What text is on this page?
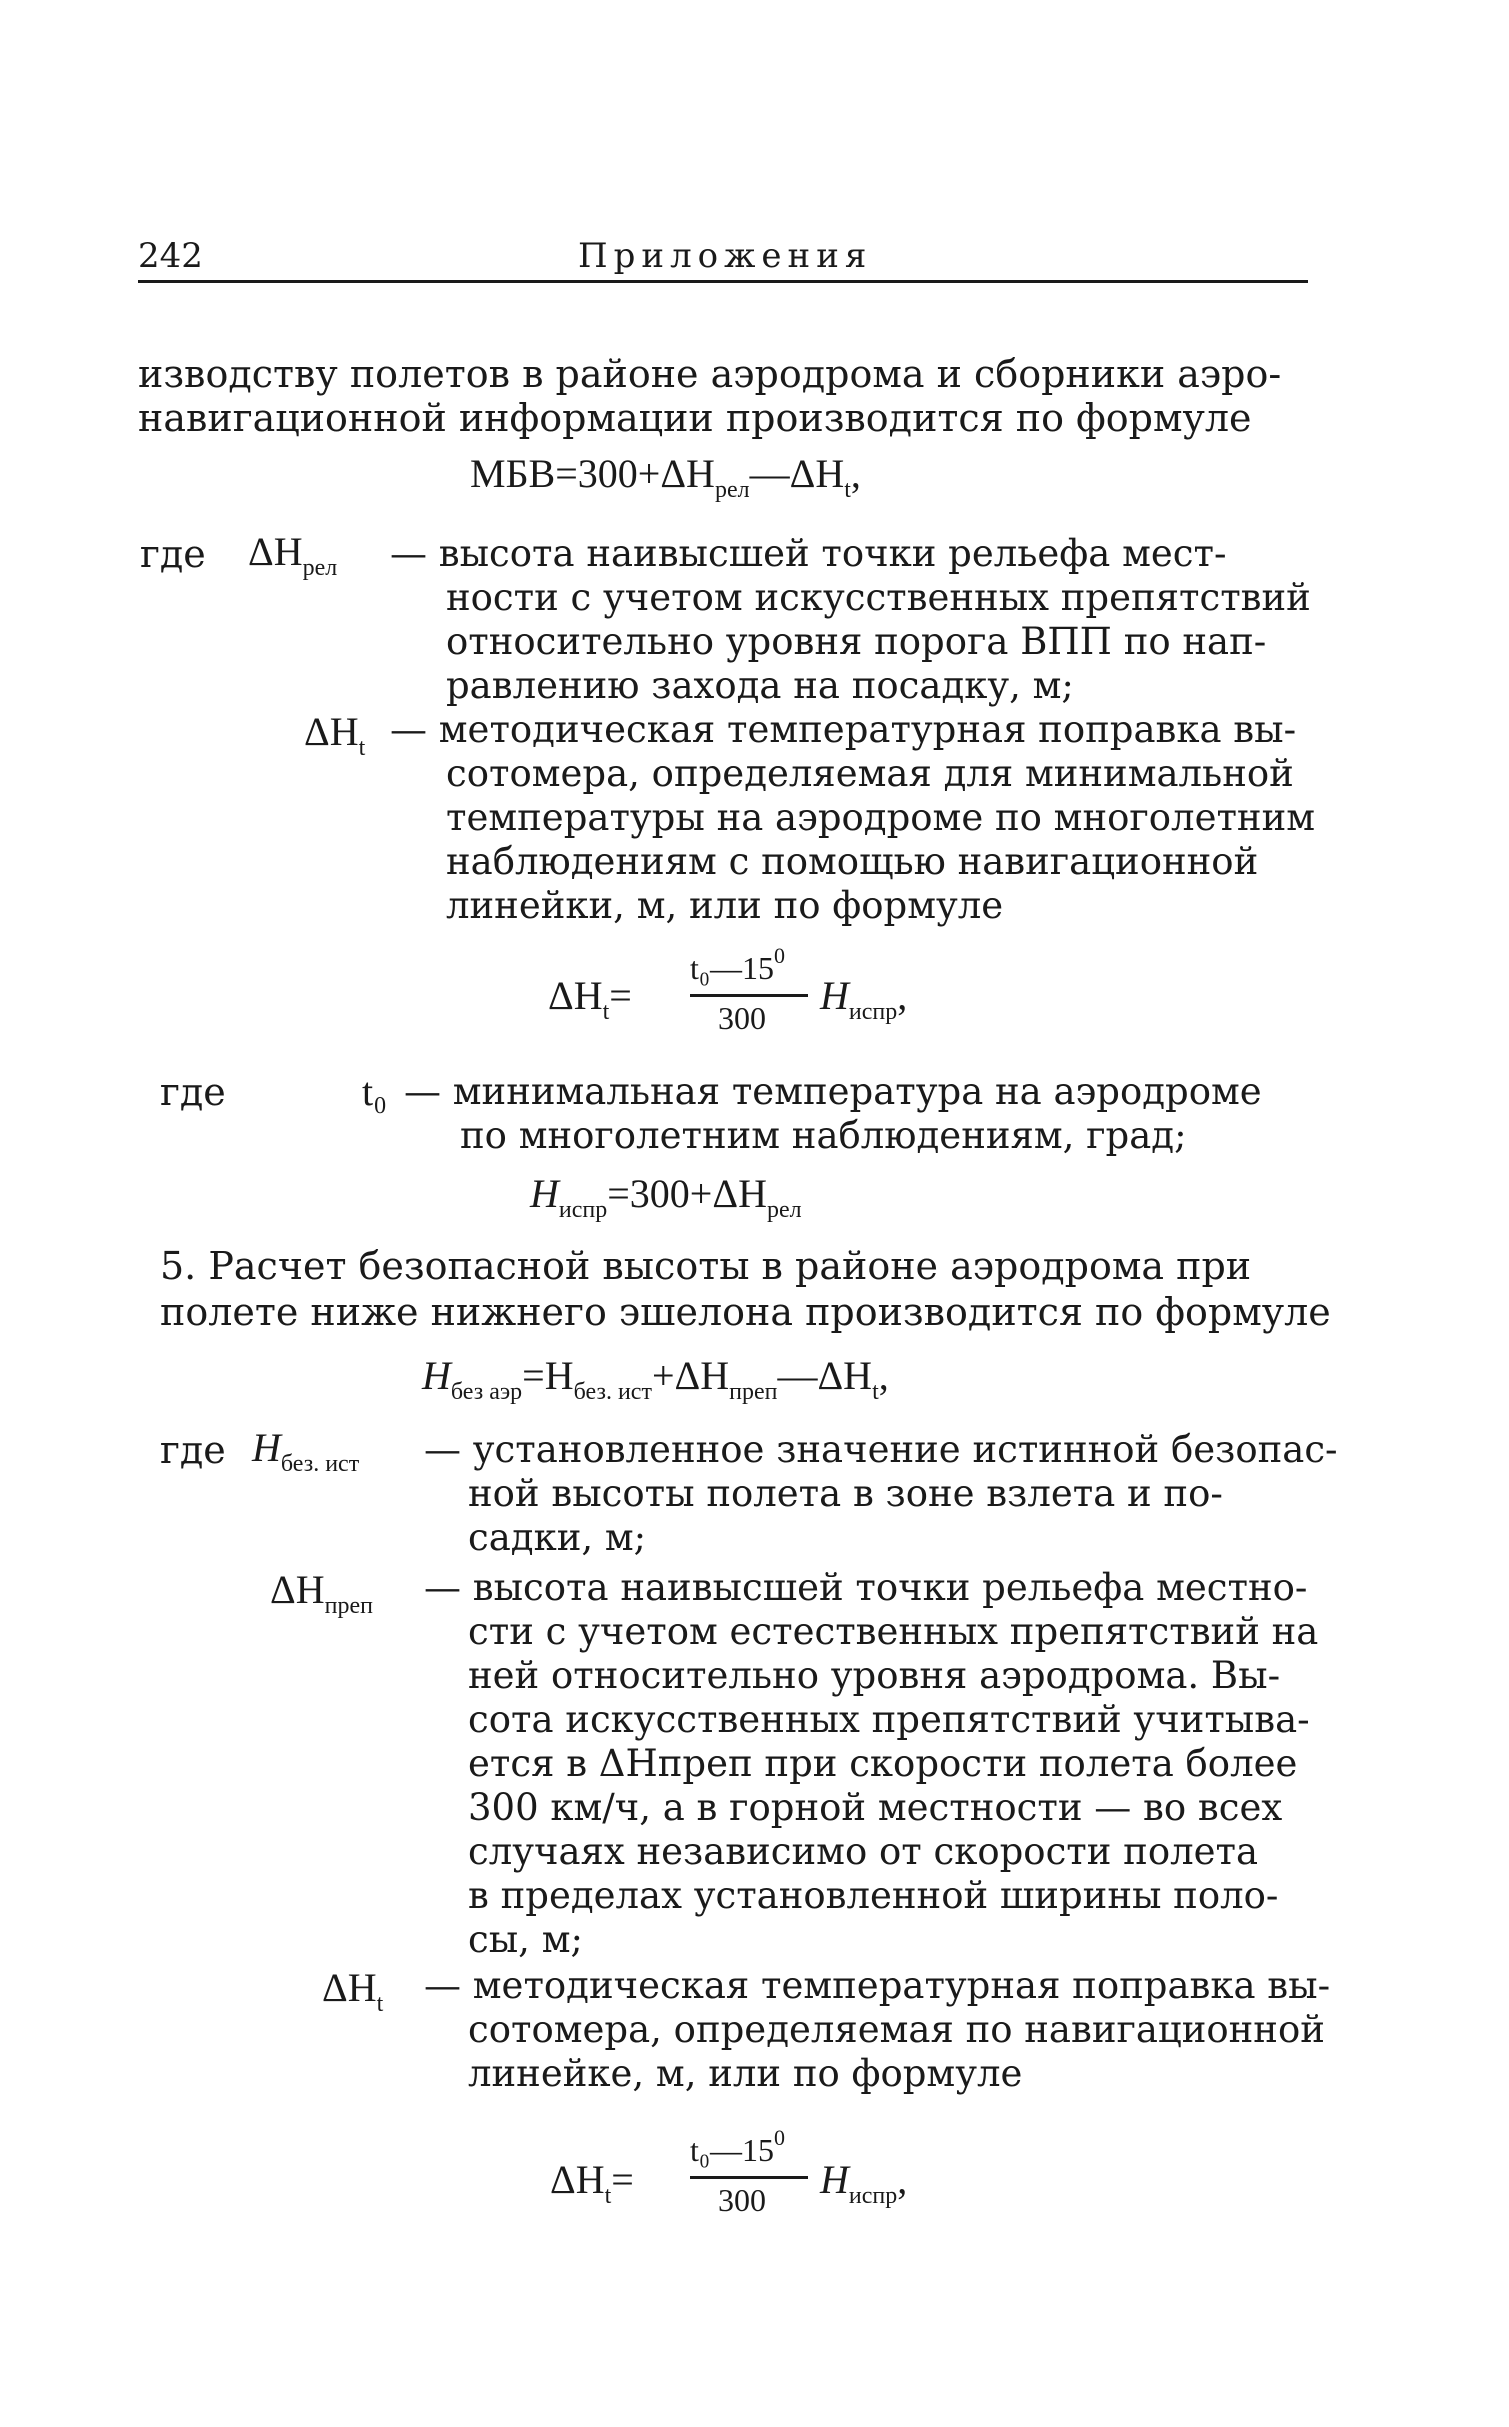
242	Приложения
изводству полетов в районе аэродрома и сборники аэро-
навигационной информации производится по формуле
$МБВ=300+\Delta H_{рел}—\Delta H_t$,
где $\Delta H_{рел}$ — высота наивысшей точки рельефа мест-
ности с учетом искусственных препятствий
относительно уровня порога ВПП по нап-
равлению захода на посадку, м;
$\Delta H_t$ — методическая температурная поправка вы-
сотомера, определяемая для минимальной
температуры на аэродроме по многолетним
наблюдениям с помощью навигационной
линейки, м, или по формуле
$\Delta H_t=$
$t_0—15^0$
300 $H_{испр}$,
где	t₀ — минимальная температура на аэродроме
по многолетним наблюдениям, град;
$H_{испр}=300+\Delta H_{рел}$
5. Расчет безопасной высоты в районе аэродрома при
полете ниже нижнего эшелона производится по формуле
$H_{без аэр}=H_{без. ист}+\Delta H_{преп}—\Delta H_t$,
где $H_{без. ист}$ — установленное значение истинной безопас-
ной высоты полета в зоне взлета и по-
садки, м;
$\Delta H_{преп}$ — высота наивысшей точки рельефа местно-
сти с учетом естественных препятствий на
ней относительно уровня аэродрома. Вы-
сота искусственных препятствий учитыва-
ется в ΔHпреп при скорости полета более
300 км/ч, а в горной местности — во всех
случаях независимо от скорости полета
в пределах установленной ширины поло-
сы, м;
$\Delta H_t$ — методическая температурная поправка вы-
сотомера, определяемая по навигационной
линейке, м, или по формуле
$\Delta H_t=$
$t_0—15^0$
300 $H_{испр}$,
